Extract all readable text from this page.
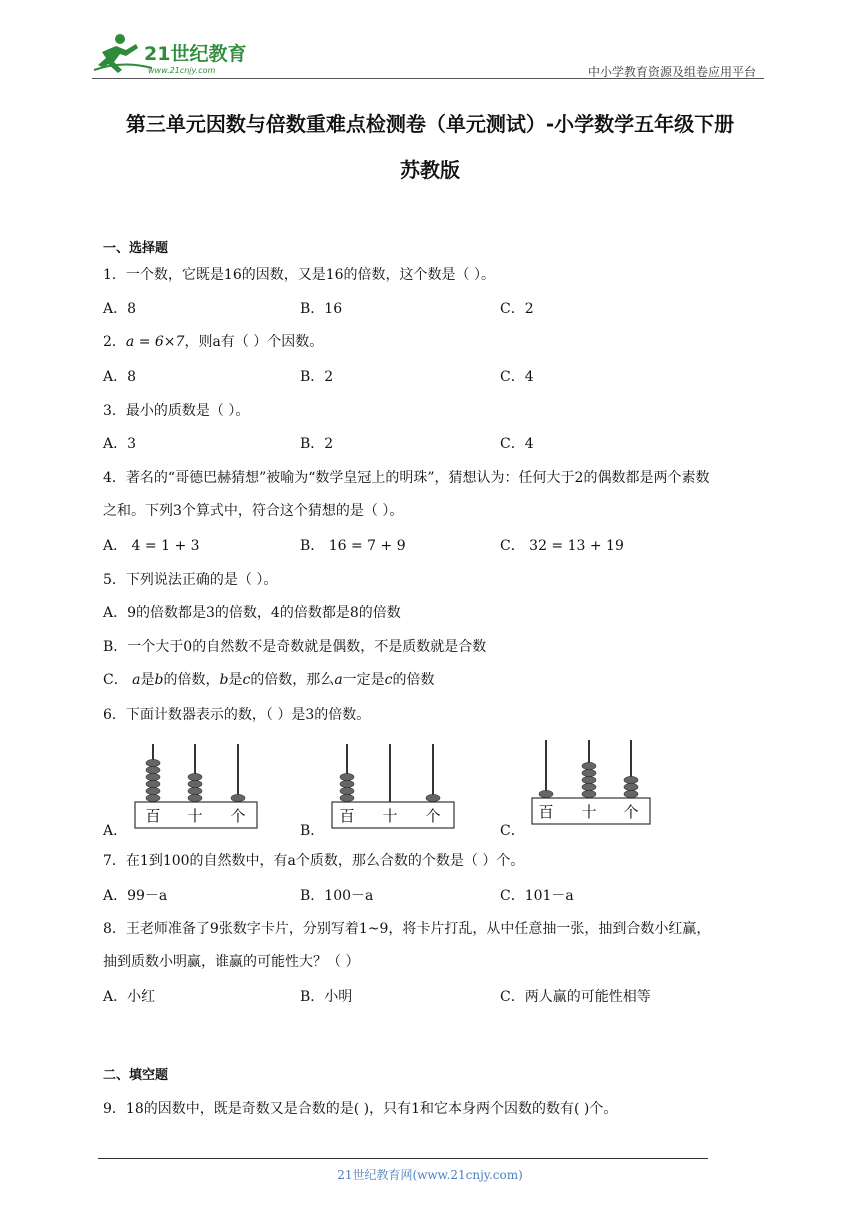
21世纪教育
www.21cnjy.com	中小学教育资源及组卷应用平台
第三单元因数与倍数重难点检测卷（单元测试）-小学数学五年级下册
苏教版
一、选择题
1．一个数，它既是16的因数，又是16的倍数，这个数是（ ）。
A．8	B．16	C．2
2．a = 6×7，则a有（ ）个因数。
A．8	B．2	C．4
3．最小的质数是（ ）。
A．3	B．2	C．4
4．著名的“哥德巴赫猜想”被喻为“数学皇冠上的明珠”，猜想认为：任何大于2的偶数都是两个素数
之和。下列3个算式中，符合这个猜想的是（ ）。
A． 4 = 1 + 3	B． 16 = 7 + 9	C． 32 = 13 + 19
5．下列说法正确的是（ ）。
A．9的倍数都是3的倍数，4的倍数都是8的倍数
B．一个大于0的自然数不是奇数就是偶数，不是质数就是合数
C． a是b的倍数，b是c的倍数，那么a一定是c的倍数
6．下面计数器表示的数，（ ）是3的倍数。
A．
百 十 个
B．
百 十 个
C．
百 十 个
7．在1到100的自然数中，有a个质数，那么合数的个数是（ ）个。
A．99－a	B．100－a	C．101－a
8．王老师准备了9张数字卡片，分别写着1~9，将卡片打乱，从中任意抽一张，抽到合数小红赢，
抽到质数小明赢，谁赢的可能性大？（ ）
A．小红	B．小明	C．两人赢的可能性相等
二、填空题
9．18的因数中，既是奇数又是合数的是( )，只有1和它本身两个因数的数有( )个。
21世纪教育网(www.21cnjy.com)
